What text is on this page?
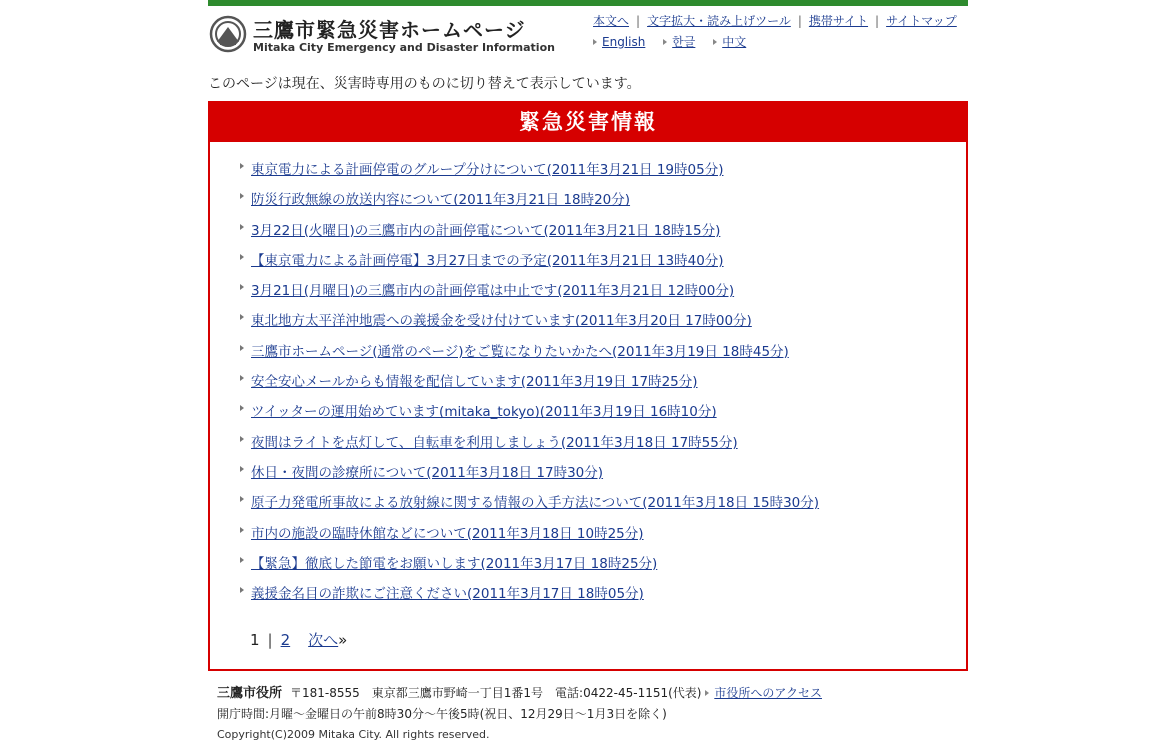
三鷹市緊急災害ホームページ
Mitaka City Emergency and Disaster Information
本文へ | 文字拡大・読み上げツール | 携帯サイト | サイトマップ
English 한글 中文
このページは現在、災害時専用のものに切り替えて表示しています。
緊急災害情報
東京電力による計画停電のグループ分けについて(2011年3月21日 19時05分)
防災行政無線の放送内容について(2011年3月21日 18時20分)
3月22日(火曜日)の三鷹市内の計画停電について(2011年3月21日 18時15分)
【東京電力による計画停電】3月27日までの予定(2011年3月21日 13時40分)
3月21日(月曜日)の三鷹市内の計画停電は中止です(2011年3月21日 12時00分)
東北地方太平洋沖地震への義援金を受け付けています(2011年3月20日 17時00分)
三鷹市ホームページ(通常のページ)をご覧になりたいかたへ(2011年3月19日 18時45分)
安全安心メールからも情報を配信しています(2011年3月19日 17時25分)
ツイッターの運用始めています(mitaka_tokyo)(2011年3月19日 16時10分)
夜間はライトを点灯して、自転車を利用しましょう(2011年3月18日 17時55分)
休日・夜間の診療所について(2011年3月18日 17時30分)
原子力発電所事故による放射線に関する情報の入手方法について(2011年3月18日 15時30分)
市内の施設の臨時休館などについて(2011年3月18日 10時25分)
【緊急】徹底した節電をお願いします(2011年3月17日 18時25分)
義援金名目の詐欺にご注意ください(2011年3月17日 18時05分)
1 | 2 次へ»
三鷹市役所 〒181-8555　東京都三鷹市野崎一丁目1番1号　電話:0422-45-1151(代表) 市役所へのアクセス
開庁時間:月曜～金曜日の午前8時30分～午後5時(祝日、12月29日～1月3日を除く)
Copyright(C)2009 Mitaka City. All rights reserved.
